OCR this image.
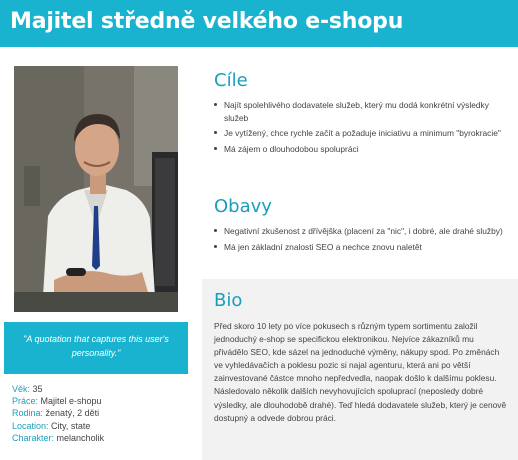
Majitel středně velkého e-shopu
"A quotation that captures this user's personality."
Věk: 35
Práce: Majitel e-shopu
Rodina: ženatý, 2 děti
Location: City, state
Charakter: melancholik
Cíle
Najít spolehlivého dodavatele služeb, který mu dodá konkrétní výsledky služeb
Je vytížený, chce rychle začít a požaduje iniciativu a minimum "byrokracie"
Má zájem o dlouhodobou spolupráci
Obavy
Negativní zkušenost z dřívějška (placení za "nic", i dobré, ale drahé služby)
Má jen základní znalosti SEO a nechce znovu naletět
Bio
Před skoro 10 lety po více pokusech s různým typem sortimentu založil jednoduchý e-shop se specifickou elektronikou. Nejvíce zákazníků mu přivádělo SEO, kde sázel na jednoduché výměny, nákupy spod. Po změnách ve vyhledávačích a poklesu pozic si najal agenturu, která ani po větší zainvestované částce mnoho nepředvedla, naopak došlo k dalšímu poklesu. Následovalo několik dalších nevyhovujících spoluprací (neposledy dobré výsledky, ale dlouhodobě drahé). Teď hledá dodavatele služeb, který je cenově dostupný a odvede dobrou práci.
